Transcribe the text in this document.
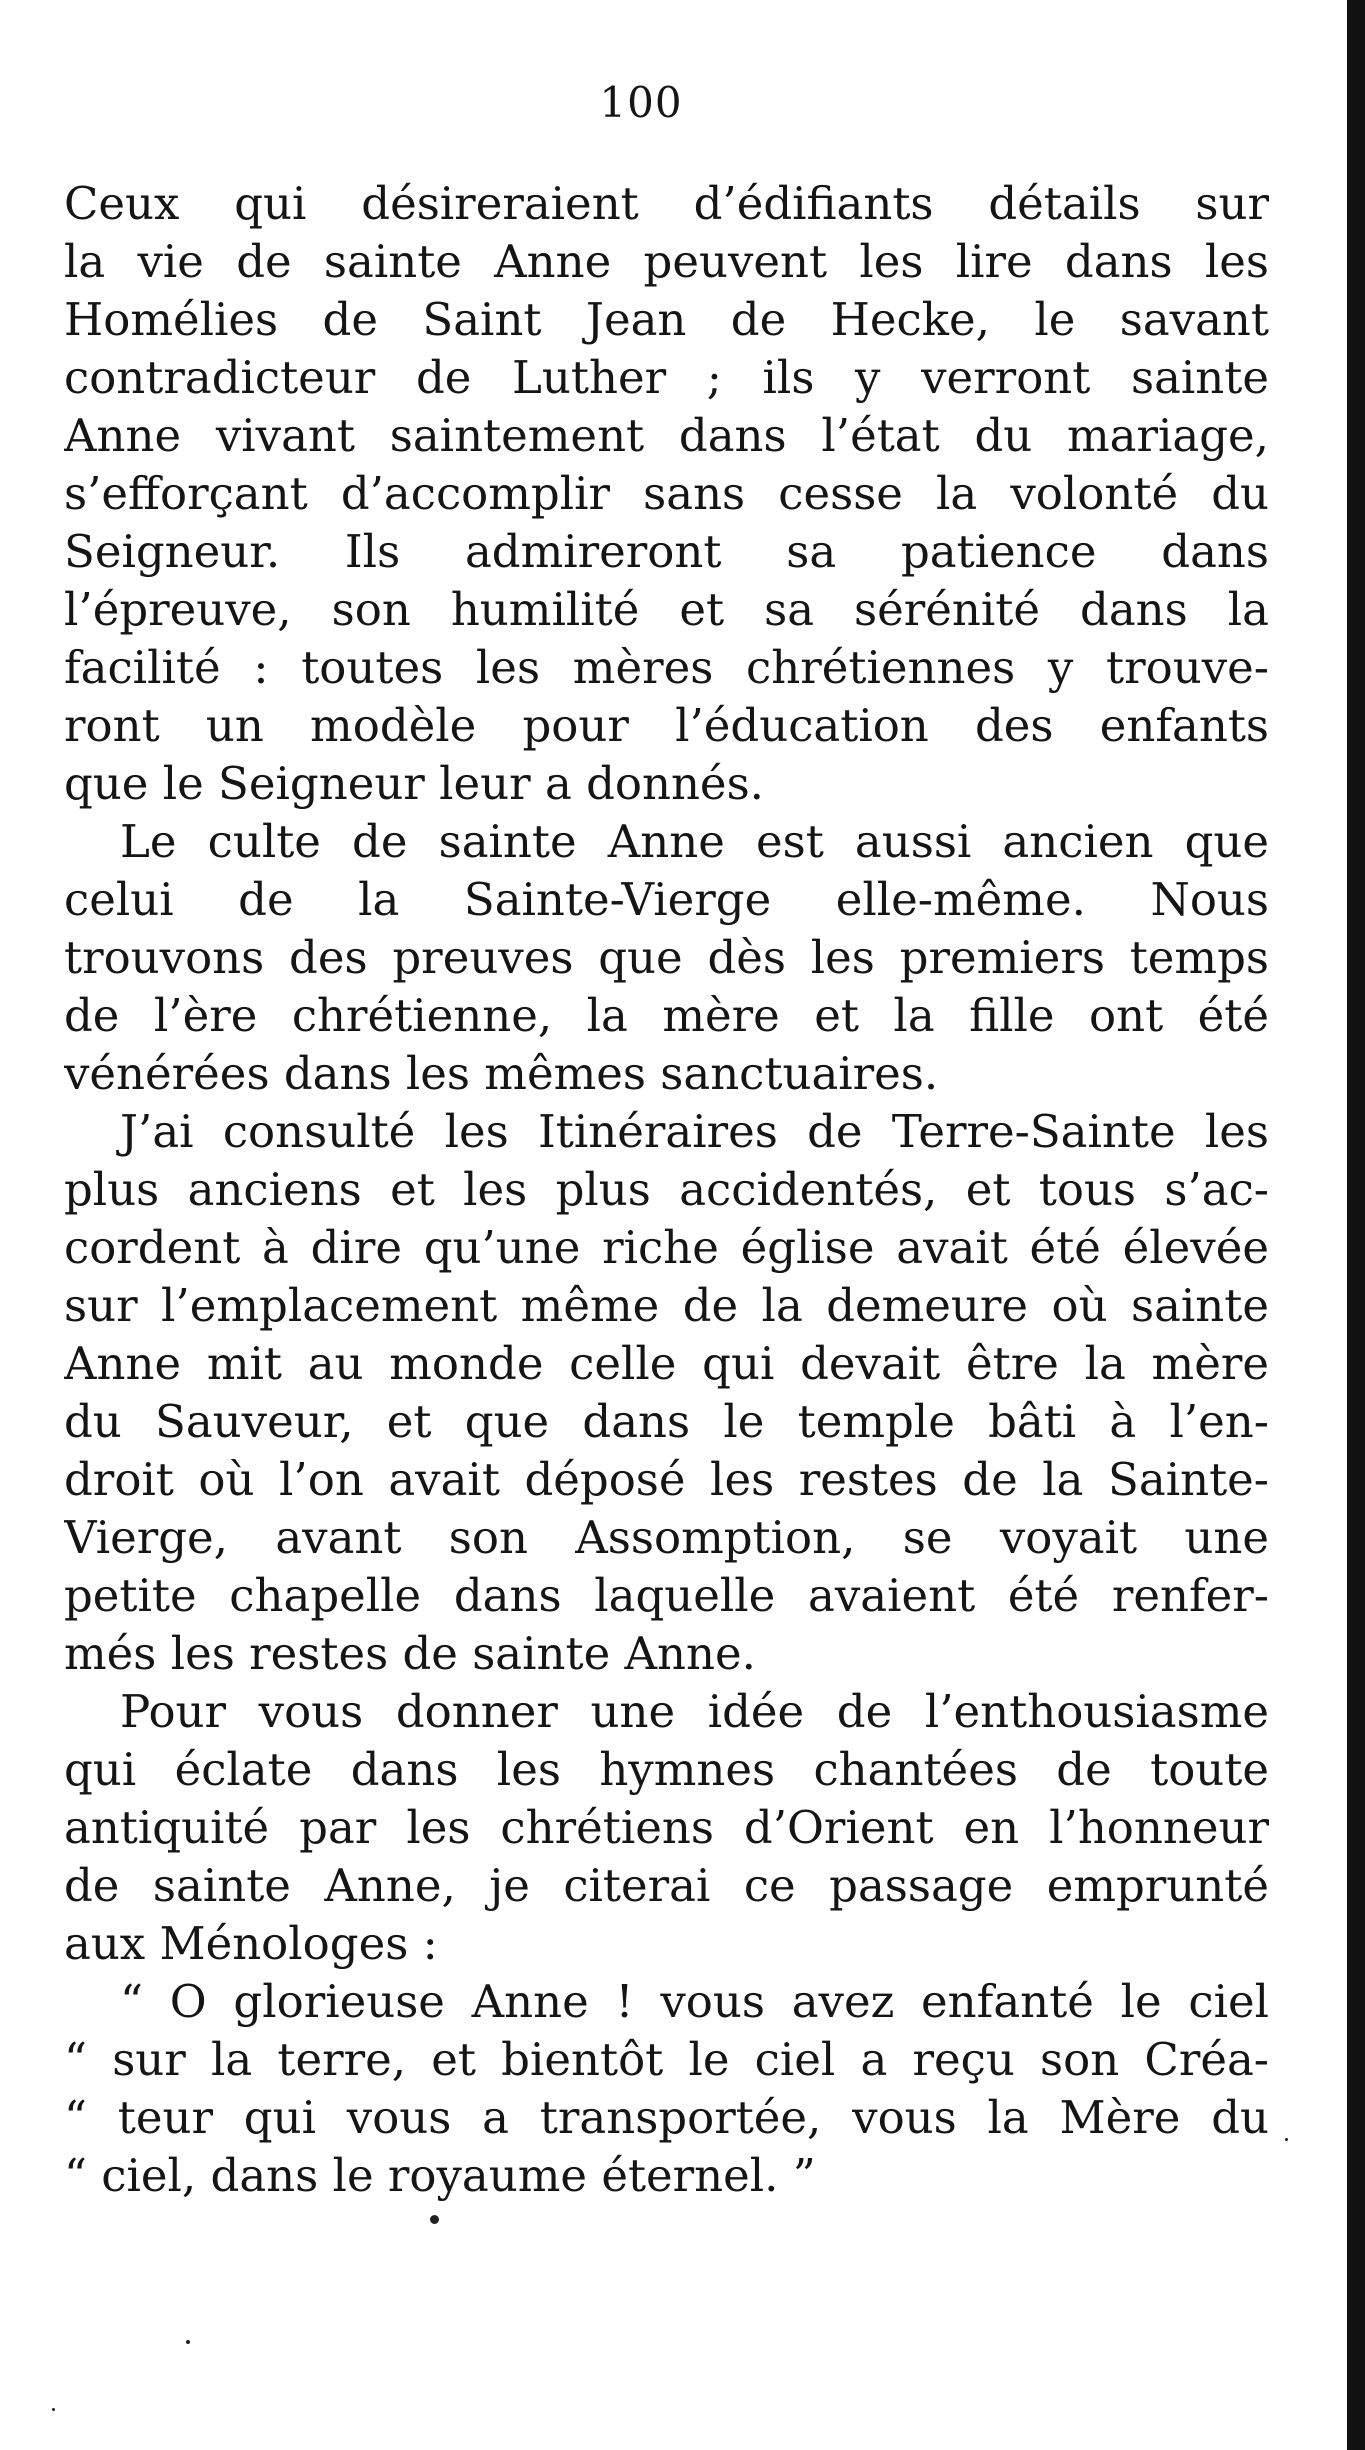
100
Ceux qui désireraient d’édifiants détails sur
la vie de sainte Anne peuvent les lire dans les
Homélies de Saint Jean de Hecke, le savant
contradicteur de Luther ; ils y verront sainte
Anne vivant saintement dans l’état du mariage,
s’efforçant d’accomplir sans cesse la volonté du
Seigneur. Ils admireront sa patience dans
l’épreuve, son humilité et sa sérénité dans la
facilité : toutes les mères chrétiennes y trouve-
ront un modèle pour l’éducation des enfants
que le Seigneur leur a donnés.
Le culte de sainte Anne est aussi ancien que
celui de la Sainte-Vierge elle-même. Nous
trouvons des preuves que dès les premiers temps
de l’ère chrétienne, la mère et la fille ont été
vénérées dans les mêmes sanctuaires.
J’ai consulté les Itinéraires de Terre-Sainte les
plus anciens et les plus accidentés, et tous s’ac-
cordent à dire qu’une riche église avait été élevée
sur l’emplacement même de la demeure où sainte
Anne mit au monde celle qui devait être la mère
du Sauveur, et que dans le temple bâti à l’en-
droit où l’on avait déposé les restes de la Sainte-
Vierge, avant son Assomption, se voyait une
petite chapelle dans laquelle avaient été renfer-
més les restes de sainte Anne.
Pour vous donner une idée de l’enthousiasme
qui éclate dans les hymnes chantées de toute
antiquité par les chrétiens d’Orient en l’honneur
de sainte Anne, je citerai ce passage emprunté
aux Ménologes :
“ O glorieuse Anne ! vous avez enfanté le ciel
“ sur la terre, et bientôt le ciel a reçu son Créa-
“ teur qui vous a transportée, vous la Mère du
“ ciel, dans le royaume éternel. ”
